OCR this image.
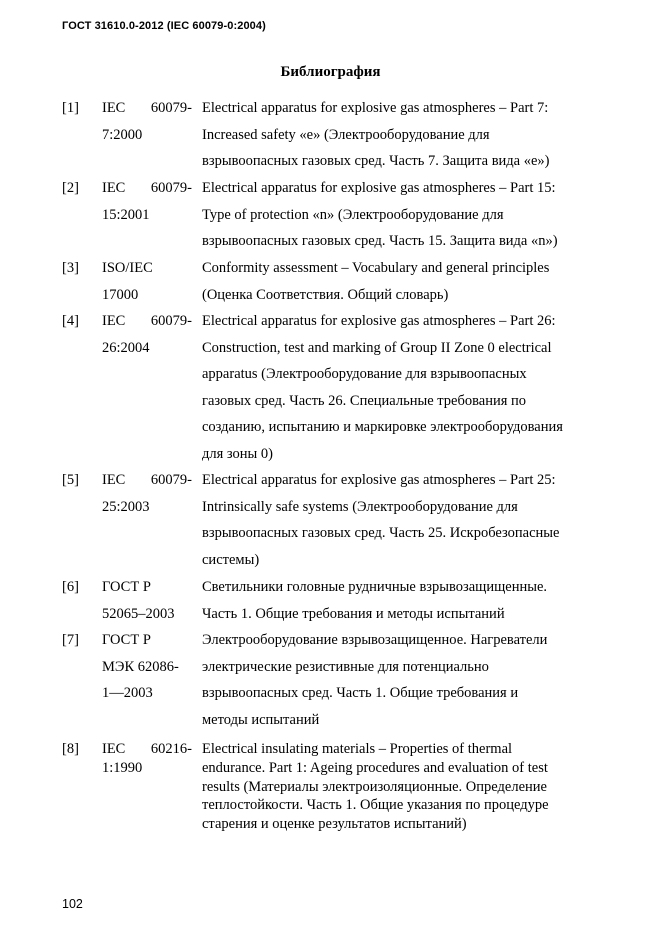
ГОСТ 31610.0-2012 (IEC 60079-0:2004)
Библиография
[1] IEC 60079-
7:2000
Electrical apparatus for explosive gas atmospheres – Part 7:
Increased safety «e» (Электрооборудование для
взрывоопасных газовых сред. Часть 7. Защита вида «e»)
[2] IEC 60079-
15:2001
Electrical apparatus for explosive gas atmospheres – Part 15:
Type of protection «n» (Электрооборудование для
взрывоопасных газовых сред. Часть 15. Защита вида «n»)
[3] ISO/IEC
17000
Conformity assessment – Vocabulary and general principles
(Оценка Соответствия. Общий словарь)
[4] IEC 60079-
26:2004
Electrical apparatus for explosive gas atmospheres – Part 26:
Construction, test and marking of Group II Zone 0 electrical
apparatus (Электрооборудование для взрывоопасных
газовых сред. Часть 26. Специальные требования по
созданию, испытанию и маркировке электрооборудования
для зоны 0)
[5] IEC 60079-
25:2003
Electrical apparatus for explosive gas atmospheres – Part 25:
Intrinsically safe systems (Электрооборудование для
взрывоопасных газовых сред. Часть 25. Искробезопасные
системы)
[6] ГОСТ Р
52065–2003
Светильники головные рудничные взрывозащищенные.
Часть 1. Общие требования и методы испытаний
[7] ГОСТ Р
МЭК 62086-
1—2003
Электрооборудование взрывозащищенное. Нагреватели
электрические резистивные для потенциально
взрывоопасных сред. Часть 1. Общие требования и
методы испытаний
[8] IEC 60216-
1:1990
Electrical insulating materials – Properties of thermal
endurance. Part 1: Ageing procedures and evaluation of test
results (Материалы электроизоляционные. Определение
теплостойкости. Часть 1. Общие указания по процедуре
старения и оценке результатов испытаний)
102
